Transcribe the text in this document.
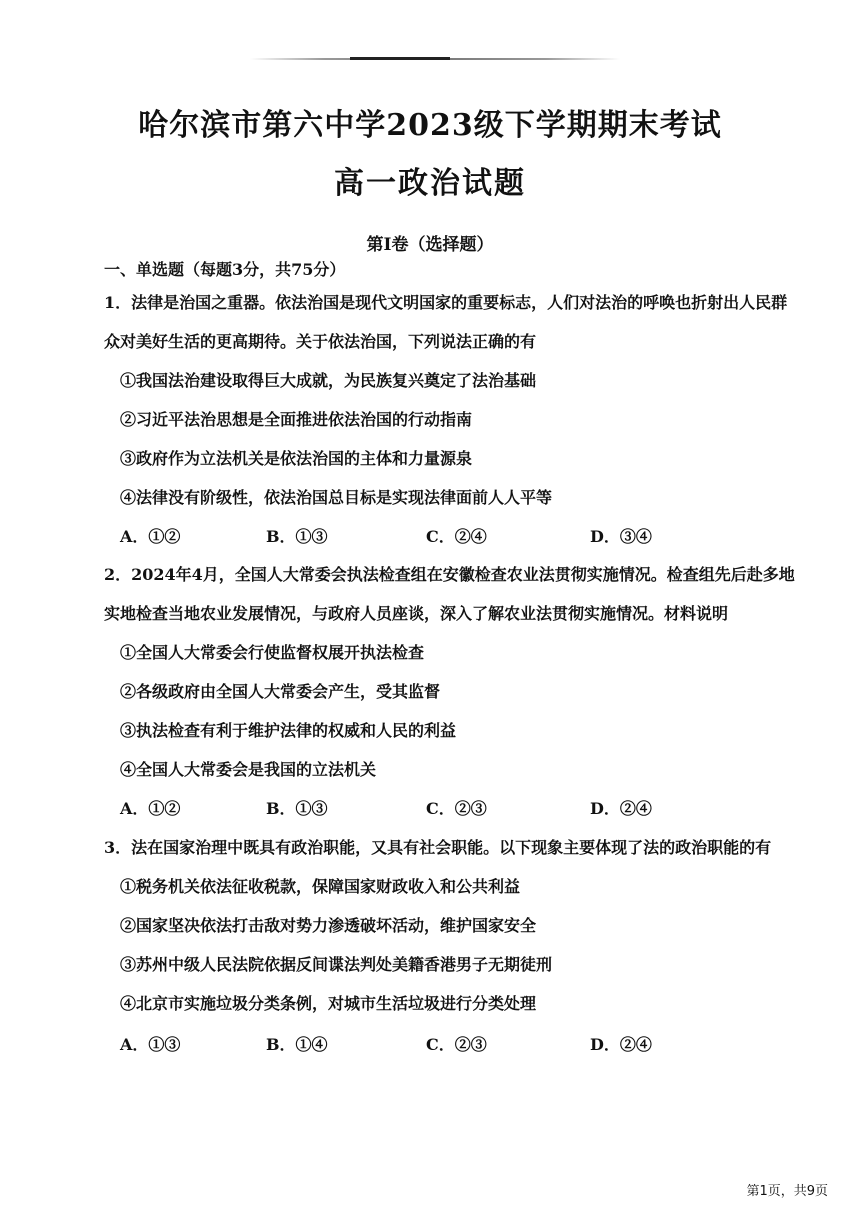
哈尔滨市第六中学2023级下学期期末考试
高一政治试题
第Ⅰ卷（选择题）
一、单选题（每题3分，共75分）
1．法律是治国之重器。依法治国是现代文明国家的重要标志，人们对法治的呼唤也折射出人民群
众对美好生活的更高期待。关于依法治国，下列说法正确的有
①我国法治建设取得巨大成就，为民族复兴奠定了法治基础
②习近平法治思想是全面推进依法治国的行动指南
③政府作为立法机关是依法治国的主体和力量源泉
④法律没有阶级性，依法治国总目标是实现法律面前人人平等
A．①②	B．①③	C．②④	D．③④
2．2024年4月，全国人大常委会执法检查组在安徽检查农业法贯彻实施情况。检查组先后赴多地
实地检查当地农业发展情况，与政府人员座谈，深入了解农业法贯彻实施情况。材料说明
①全国人大常委会行使监督权展开执法检查
②各级政府由全国人大常委会产生，受其监督
③执法检查有利于维护法律的权威和人民的利益
④全国人大常委会是我国的立法机关
A．①②	B．①③	C．②③	D．②④
3．法在国家治理中既具有政治职能，又具有社会职能。以下现象主要体现了法的政治职能的有
①税务机关依法征收税款，保障国家财政收入和公共利益
②国家坚决依法打击敌对势力渗透破坏活动，维护国家安全
③苏州中级人民法院依据反间谍法判处美籍香港男子无期徒刑
④北京市实施垃圾分类条例，对城市生活垃圾进行分类处理
A．①③	B．①④	C．②③	D．②④
第1页，共9页
